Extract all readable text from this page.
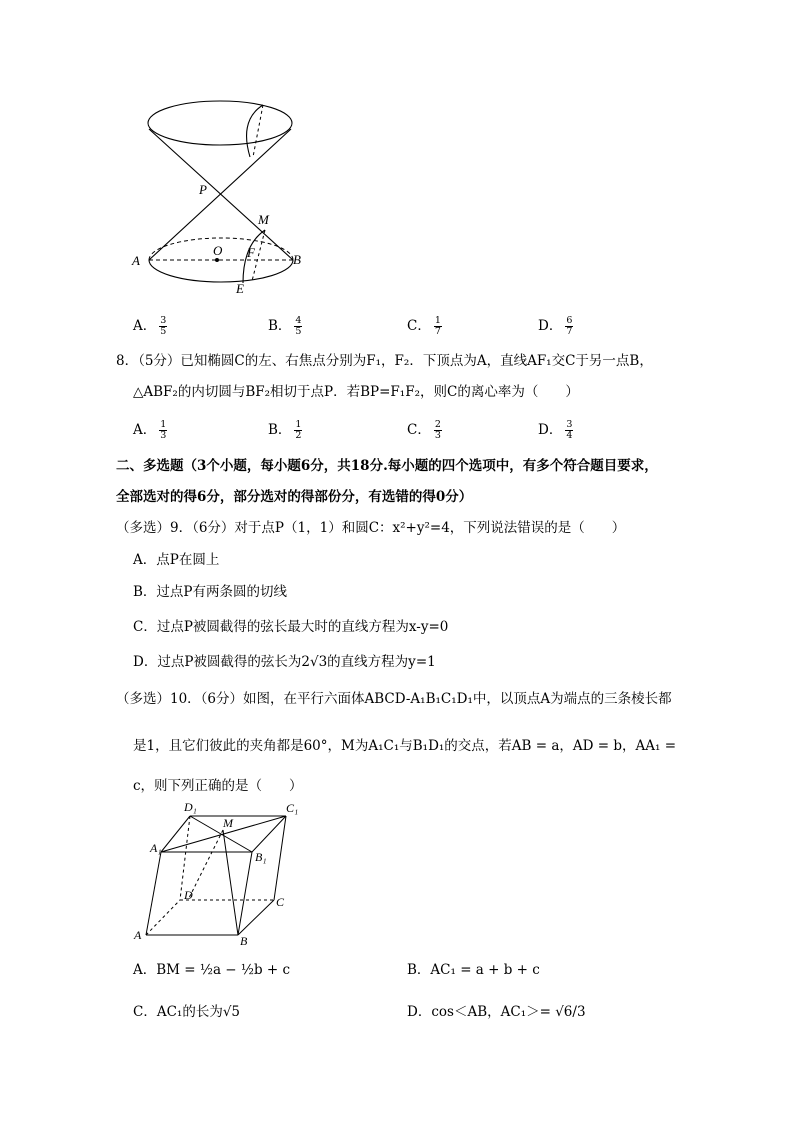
P
M
O F
A	B
E
A． $\frac{3}{5}$	B． $\frac{4}{5}$	C． $\frac{1}{7}$	D． $\frac{6}{7}$
8．（5分）已知椭圆C的左、右焦点分别为F₁，F₂．下顶点为A，直线AF₁交C于另一点B，
△ABF₂的内切圆与BF₂相切于点P．若BP=F₁F₂，则C的离心率为（　　）
A． $\frac{1}{3}$	B． $\frac{1}{2}$	C． $\frac{2}{3}$	D． $\frac{3}{4}$
二、多选题（3个小题，每小题6分，共18分.每小题的四个选项中，有多个符合题目要求，
全部选对的得6分，部分选对的得部份分，有选错的得0分）
（多选）9．（6分）对于点P（1，1）和圆C：x²+y²=4，下列说法错误的是（　　）
A．点P在圆上
B．过点P有两条圆的切线
C．过点P被圆截得的弦长最大时的直线方程为x-y=0
D．过点P被圆截得的弦长为2√3的直线方程为y=1
（多选）10．（6分）如图，在平行六面体ABCD-A₁B₁C₁D₁中，以顶点A为端点的三条棱长都
是1，且它们彼此的夹角都是60°，M为A₁C₁与B₁D₁的交点，若AB = a，AD = b，AA₁ =
c，则下列正确的是（　　）
D₁	C₁
M
A₁
B₁
D	C
A	B
A．BM = ½a − ½b + c	B．AC₁ = a + b + c
C．AC₁的长为√5	D．cos＜AB，AC₁＞= √6/3
